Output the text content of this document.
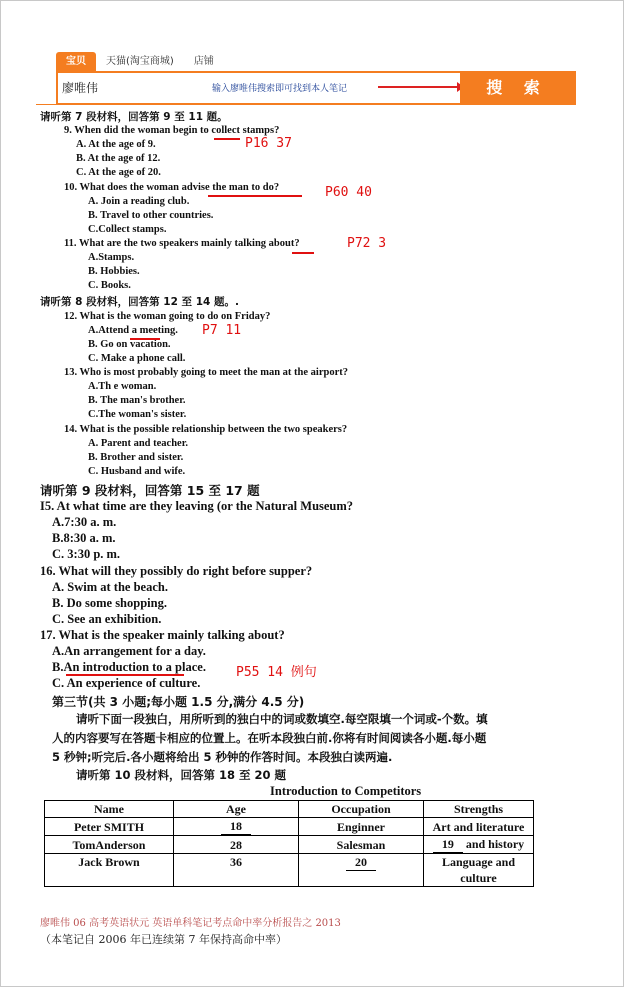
宝贝	天猫(淘宝商城)	店铺
廖唯伟	输入廖唯伟搜索即可找到本人笔记	搜 索
请听第 7 段材料，回答第 9 至 11 题。
9. When did the woman begin to collect stamps?
A. At the age of 9.
B. At the age of 12.
C. At the age of 20.
10. What does the woman advise the man to do?
A. Join a reading club.
B. Travel to other countries.
C.Collect stamps.
11. What are the two speakers mainly talking about?
A.Stamps.
B. Hobbies.
C. Books.
请听第 8 段材料，回答第 12 至 14 题。.
12. What is the woman going to do on Friday?
A.Attend a meeting.
B. Go on vacation.
C. Make a phone call.
13. Who is most probably going to meet the man at the airport?
A.Th e woman.
B. The man's brother.
C.The woman's sister.
14. What is the possible relationship between the two speakers?
A. Parent and teacher.
B. Brother and sister.
C. Husband and wife.
请听第 9 段材料，回答第 15 至 17 题
I5. At what time are they leaving (or the Natural Museum?
A.7:30 a. m.
B.8:30 a. m.
C. 3:30 p. m.
16. What will they possibly do right before supper?
A. Swim at the beach.
B. Do some shopping.
C. See an exhibition.
17. What is the speaker mainly talking about?
A.An arrangement for a day.
B.An introduction to a place.
C. An experience of culture.
第三节(共 3 小题;每小题 1.5 分,满分 4.5 分)
请听下面一段独白，用所听到的独白中的词或数填空.每空限填一个词或-个数。填
人的内容要写在答题卡相应的位置上。在听本段独白前.你将有时间阅读各小题.每小题
5 秒钟;听完后.各小题将给出 5 秒钟的作答时间。本段独白读两遍.
请听第 10 段材料，回答第 18 至 20 题
Introduction to Competitors
Name	Age	Occupation	Strengths
Peter SMITH	18	Enginner	Art and literature
TomAnderson	28	Salesman	19 and history
Jack Brown	36	20	Language and
culture
P16 37
P60 40
P72 3
P7 11
P55 14 例句
廖唯伟 06 高考英语状元 英语单科笔记考点命中率分析报告之 2013
（本笔记自 2006 年已连续第 7 年保持高命中率）
